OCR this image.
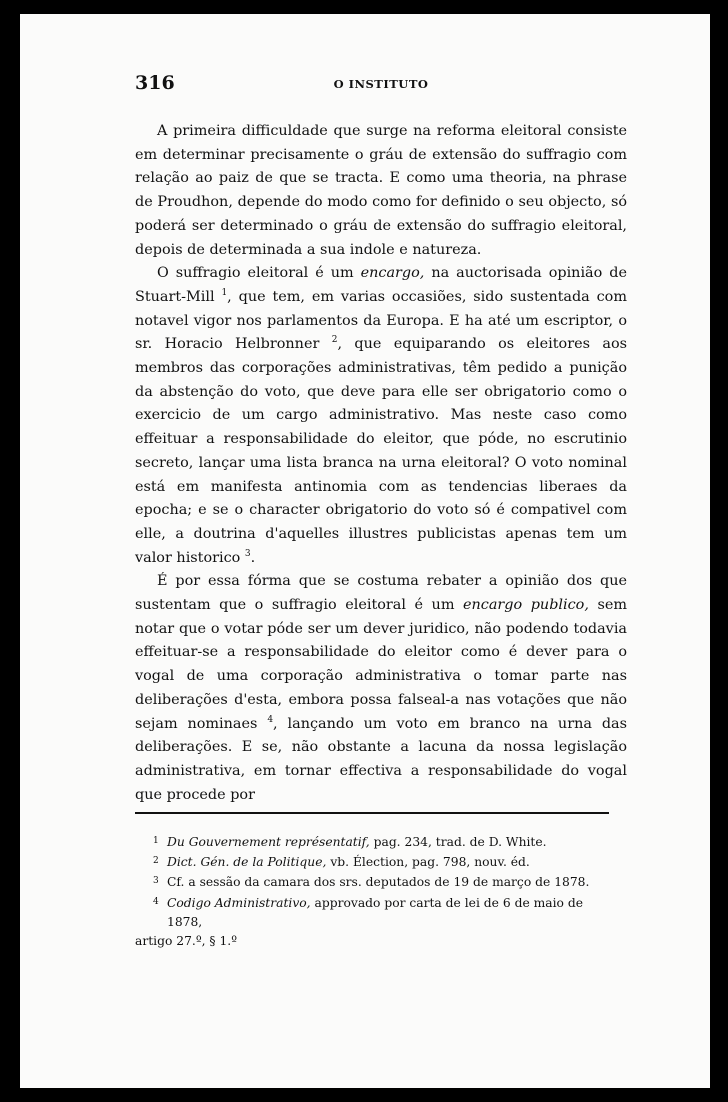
316	O INSTITUTO

A primeira difficuldade que surge na reforma eleitoral consiste em determinar precisamente o gráu de extensão do suffragio com relação ao paiz de que se tracta. E como uma theoria, na phrase de Proudhon, depende do modo como for definido o seu objecto, só poderá ser determinado o gráu de extensão do suffragio eleitoral, depois de determinada a sua indole e natureza.

O suffragio eleitoral é um encargo, na auctorisada opinião de Stuart-Mill $^1$, que tem, em varias occasiões, sido sustentada com notavel vigor nos parlamentos da Europa. E ha até um escriptor, o sr. Horacio Helbronner $^2$, que equiparando os eleitores aos membros das corporações administrativas, têm pedido a punição da abstenção do voto, que deve para elle ser obrigatorio como o exercicio de um cargo administrativo. Mas neste caso como effeituar a responsabilidade do eleitor, que póde, no escrutinio secreto, lançar uma lista branca na urna eleitoral? O voto nominal está em manifesta antinomia com as tendencias liberaes da epocha; e se o character obrigatorio do voto só é compativel com elle, a doutrina d'aquelles illustres publicistas apenas tem um valor historico $^3$.

É por essa fórma que se costuma rebater a opinião dos que sustentam que o suffragio eleitoral é um encargo publico, sem notar que o votar póde ser um dever juridico, não podendo todavia effeituar-se a responsabilidade do eleitor como é dever para o vogal de uma corporação administrativa o tomar parte nas deliberações d'esta, embora possa falseal-a nas votações que não sejam nominaes $^4$, lançando um voto em branco na urna das deliberações. E se, não obstante a lacuna da nossa legislação administrativa, em tornar effectiva a responsabilidade do vogal que procede por

1 Du Gouvernement représentatif, pag. 234, trad. de D. White.

2 Dict. Gén. de la Politique, vb. Élection, pag. 798, nouv. éd.

3 Cf. a sessão da camara dos srs. deputados de 19 de março de 1878.

4 Codigo Administrativo, approvado por carta de lei de 6 de maio de 1878,

artigo 27.º, § 1.º
